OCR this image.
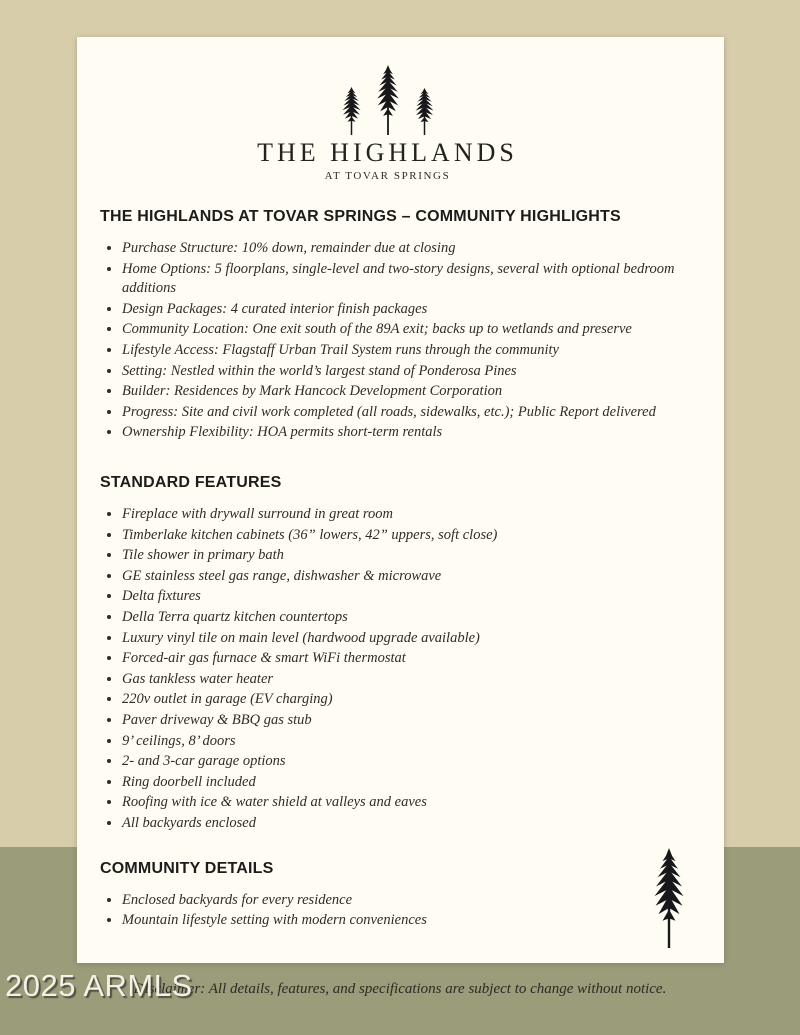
THE HIGHLANDS
AT TOVAR SPRINGS
THE HIGHLANDS AT TOVAR SPRINGS – COMMUNITY HIGHLIGHTS
• Purchase Structure: 10% down, remainder due at closing
• Home Options: 5 floorplans, single-level and two-story designs, several with optional bedroom additions
• Design Packages: 4 curated interior finish packages
• Community Location: One exit south of the 89A exit; backs up to wetlands and preserve
• Lifestyle Access: Flagstaff Urban Trail System runs through the community
• Setting: Nestled within the world’s largest stand of Ponderosa Pines
• Builder: Residences by Mark Hancock Development Corporation
• Progress: Site and civil work completed (all roads, sidewalks, etc.); Public Report delivered
• Ownership Flexibility: HOA permits short-term rentals
STANDARD FEATURES
• Fireplace with drywall surround in great room
• Timberlake kitchen cabinets (36” lowers, 42” uppers, soft close)
• Tile shower in primary bath
• GE stainless steel gas range, dishwasher & microwave
• Delta fixtures
• Della Terra quartz kitchen countertops
• Luxury vinyl tile on main level (hardwood upgrade available)
• Forced-air gas furnace & smart WiFi thermostat
• Gas tankless water heater
• 220v outlet in garage (EV charging)
• Paver driveway & BBQ gas stub
• 9’ ceilings, 8’ doors
• 2- and 3-car garage options
• Ring doorbell included
• Roofing with ice & water shield at valleys and eaves
• All backyards enclosed
COMMUNITY DETAILS
• Enclosed backyards for every residence
• Mountain lifestyle setting with modern conveniences
Disclaimer: All details, features, and specifications are subject to change without notice.
2025 ARMLS
